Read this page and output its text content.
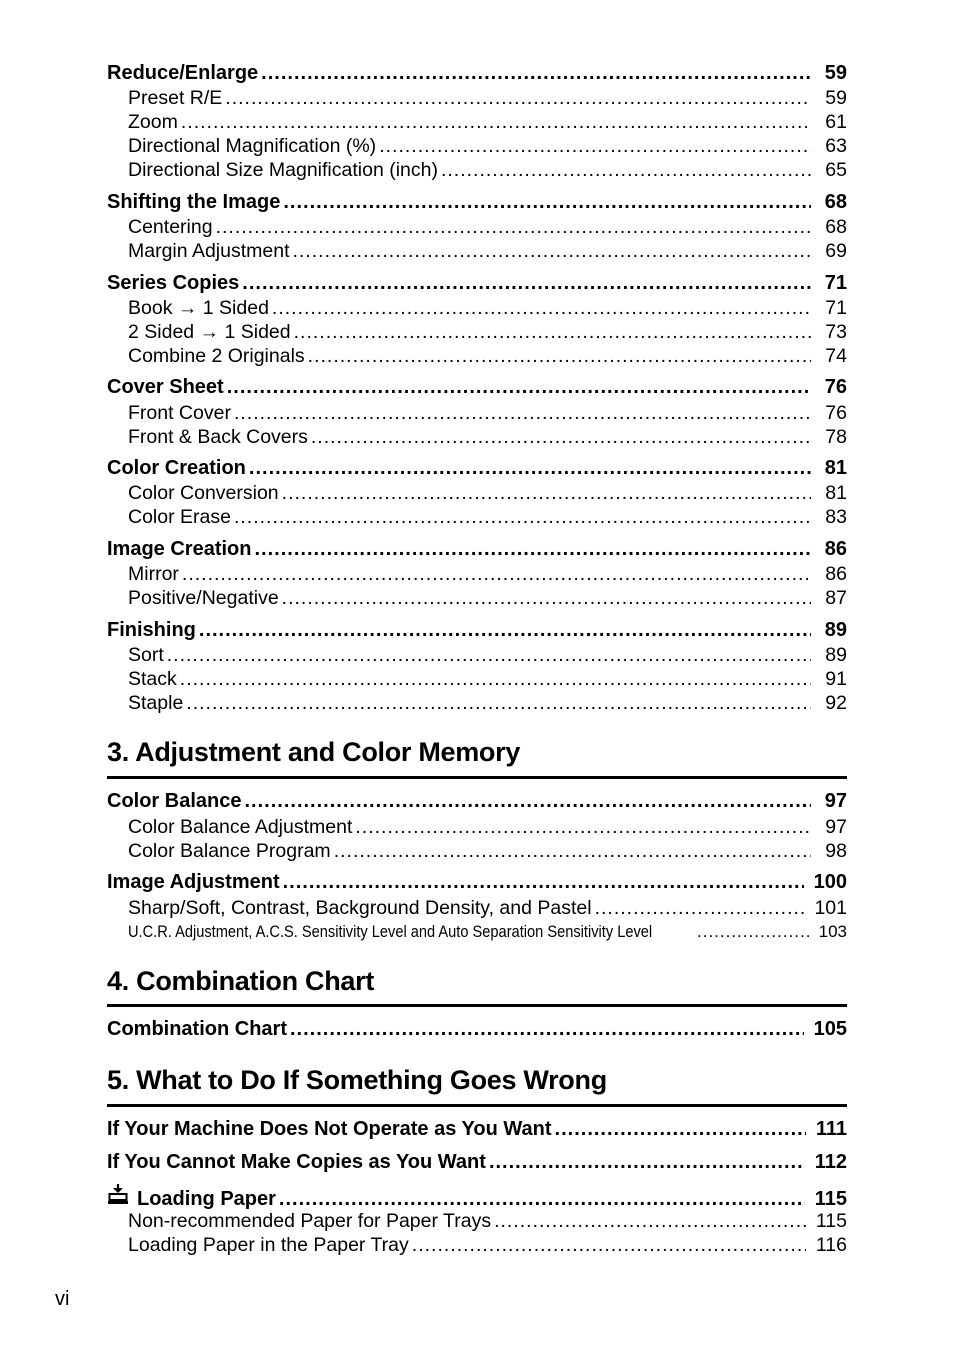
Reduce/Enlarge .....	59
Preset R/E .....	59
Zoom .....	61
Directional Magnification (%) .....	63
Directional Size Magnification (inch) .....	65
Shifting the Image .....	68
Centering .....	68
Margin Adjustment .....	69
Series Copies .....	71
Book → 1 Sided .....	71
2 Sided → 1 Sided .....	73
Combine 2 Originals .....	74
Cover Sheet .....	76
Front Cover .....	76
Front & Back Covers .....	78
Color Creation .....	81
Color Conversion .....	81
Color Erase .....	83
Image Creation .....	86
Mirror .....	86
Positive/Negative .....	87
Finishing .....	89
Sort .....	89
Stack .....	91
Staple .....	92
3. Adjustment and Color Memory
Color Balance .....	97
Color Balance Adjustment .....	97
Color Balance Program .....	98
Image Adjustment .....	100
Sharp/Soft, Contrast, Background Density, and Pastel .....	101
U.C.R. Adjustment, A.C.S. Sensitivity Level and Auto Separation Sensitivity Level .....	103
4. Combination Chart
Combination Chart .....	105
5. What to Do If Something Goes Wrong
If Your Machine Does Not Operate as You Want .....	111
If You Cannot Make Copies as You Want .....	112
Loading Paper .....	115
Non-recommended Paper for Paper Trays .....	115
Loading Paper in the Paper Tray .....	116
vi
